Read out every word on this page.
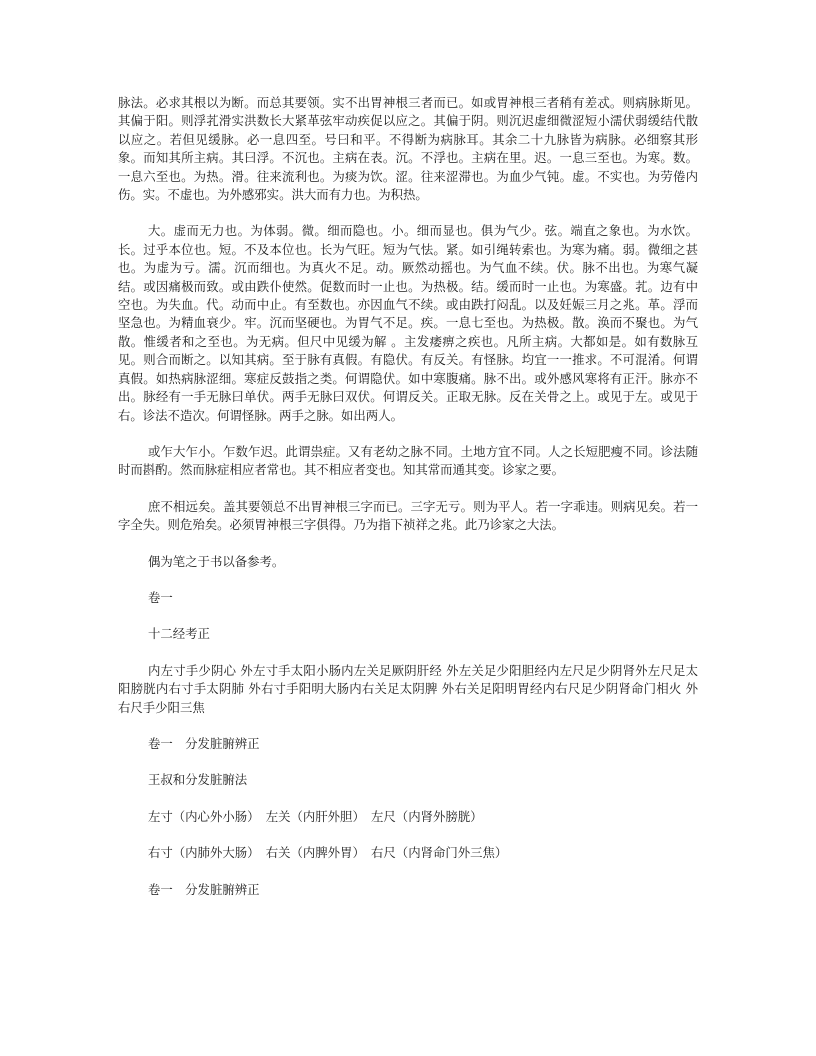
脉法。必求其根以为断。而总其要领。实不出胃神根三者而已。如或胃神根三者稍有差忒。则病脉斯见。其偏于阳。则浮芤滑实洪数长大紧革弦牢动疾促以应之。其偏于阴。则沉迟虚细微涩短小濡伏弱缓结代散以应之。若但见缓脉。必一息四至。号曰和平。不得断为病脉耳。其余二十九脉皆为病脉。必细察其形象。而知其所主病。其曰浮。不沉也。主病在表。沉。不浮也。主病在里。迟。一息三至也。为寒。数。一息六至也。为热。滑。往来流利也。为痰为饮。涩。往来涩滞也。为血少气钝。虚。不实也。为劳倦内伤。实。不虚也。为外感邪实。洪大而有力也。为积热。

大。虚而无力也。为体弱。微。细而隐也。小。细而显也。俱为气少。弦。端直之象也。为水饮。长。过乎本位也。短。不及本位也。长为气旺。短为气怯。紧。如引绳转索也。为寒为痛。弱。微细之甚也。为虚为亏。濡。沉而细也。为真火不足。动。厥然动摇也。为气血不续。伏。脉不出也。为寒气凝结。或因痛极而致。或由跌仆使然。促数而时一止也。为热极。结。缓而时一止也。为寒盛。芤。边有中空也。为失血。代。动而中止。有至数也。亦因血气不续。或由跌打闷乱。以及妊娠三月之兆。革。浮而坚急也。为精血衰少。牢。沉而坚硬也。为胃气不足。疾。一息七至也。为热极。散。涣而不聚也。为气散。惟缓者和之至也。为无病。但尺中见缓为解 。主发痿痹之疾也。凡所主病。大都如是。如有数脉互见。则合而断之。以知其病。至于脉有真假。有隐伏。有反关。有怪脉。均宜一一推求。不可混淆。何谓真假。如热病脉涩细。寒症反鼓指之类。何谓隐伏。如中寒腹痛。脉不出。或外感风寒将有正汗。脉亦不出。脉经有一手无脉曰单伏。两手无脉曰双伏。何谓反关。正取无脉。反在关骨之上。或见于左。或见于右。诊法不造次。何谓怪脉。两手之脉。如出两人。

或乍大乍小。乍数乍迟。此谓祟症。又有老幼之脉不同。土地方宜不同。人之长短肥瘦不同。诊法随时而斟酌。然而脉症相应者常也。其不相应者变也。知其常而通其变。诊家之要。

庶不相远矣。盖其要领总不出胃神根三字而已。三字无亏。则为平人。若一字乖违。则病见矣。若一字全失。则危殆矣。必须胃神根三字俱得。乃为指下祯祥之兆。此乃诊家之大法。

偶为笔之于书以备参考。

卷一

十二经考正

内左寸手少阴心 外左寸手太阳小肠内左关足厥阴肝经 外左关足少阳胆经内左尺足少阴肾外左尺足太阳膀胱内右寸手太阴肺 外右寸手阳明大肠内右关足太阴脾 外右关足阳明胃经内右尺足少阴肾命门相火 外右尺手少阳三焦

卷一　分发脏腑辨正

王叔和分发脏腑法

左寸（内心外小肠）　左关（内肝外胆）　左尺（内肾外膀胱）

右寸（内肺外大肠）　右关（内脾外胃）　右尺（内肾命门外三焦）

卷一　分发脏腑辨正
